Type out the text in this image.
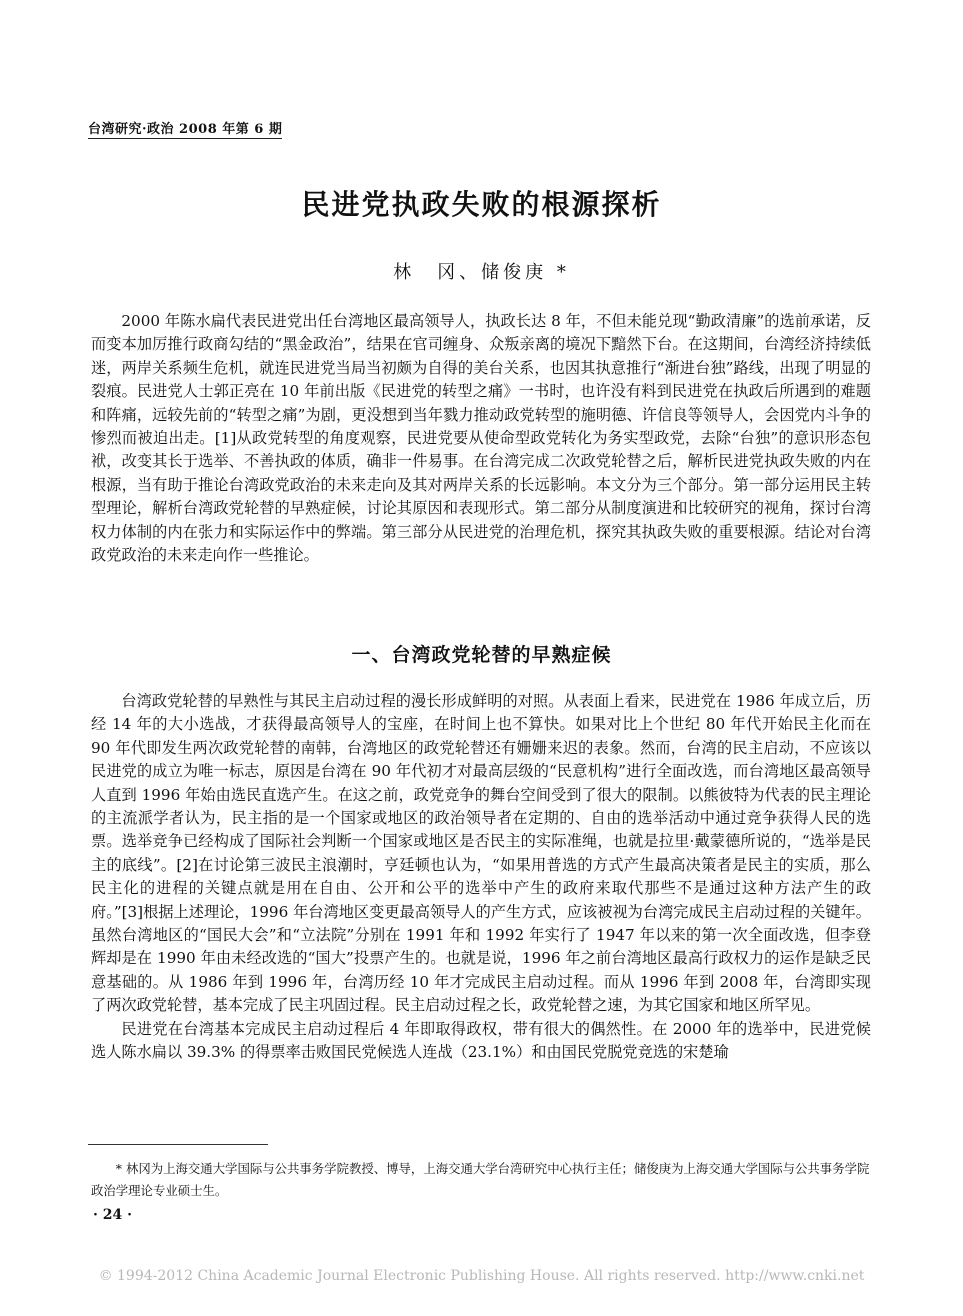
台湾研究·政治 2008 年第 6 期
民进党执政失败的根源探析
林　冈、储俊庚 *
2000 年陈水扁代表民进党出任台湾地区最高领导人，执政长达 8 年，不但未能兑现“勤政清廉”的选前承诺，反而变本加厉推行政商勾结的“黑金政治”，结果在官司缠身、众叛亲离的境况下黯然下台。在这期间，台湾经济持续低迷，两岸关系频生危机，就连民进党当局当初颇为自得的美台关系，也因其执意推行“渐进台独”路线，出现了明显的裂痕。民进党人士郭正亮在 10 年前出版《民进党的转型之痛》一书时，也许没有料到民进党在执政后所遇到的难题和阵痛，远较先前的“转型之痛”为剧，更没想到当年戮力推动政党转型的施明德、许信良等领导人，会因党内斗争的惨烈而被迫出走。[1]从政党转型的角度观察，民进党要从使命型政党转化为务实型政党，去除“台独”的意识形态包袱，改变其长于选举、不善执政的体质，确非一件易事。在台湾完成二次政党轮替之后，解析民进党执政失败的内在根源，当有助于推论台湾政党政治的未来走向及其对两岸关系的长远影响。本文分为三个部分。第一部分运用民主转型理论，解析台湾政党轮替的早熟症候，讨论其原因和表现形式。第二部分从制度演进和比较研究的视角，探讨台湾权力体制的内在张力和实际运作中的弊端。第三部分从民进党的治理危机，探究其执政失败的重要根源。结论对台湾政党政治的未来走向作一些推论。
一、台湾政党轮替的早熟症候

台湾政党轮替的早熟性与其民主启动过程的漫长形成鲜明的对照。从表面上看来，民进党在 1986 年成立后，历经 14 年的大小选战，才获得最高领导人的宝座，在时间上也不算快。如果对比上个世纪 80 年代开始民主化而在 90 年代即发生两次政党轮替的南韩，台湾地区的政党轮替还有姗姗来迟的表象。然而，台湾的民主启动，不应该以民进党的成立为唯一标志，原因是台湾在 90 年代初才对最高层级的“民意机构”进行全面改选，而台湾地区最高领导人直到 1996 年始由选民直选产生。在这之前，政党竞争的舞台空间受到了很大的限制。以熊彼特为代表的民主理论的主流派学者认为，民主指的是一个国家或地区的政治领导者在定期的、自由的选举活动中通过竞争获得人民的选票。选举竞争已经构成了国际社会判断一个国家或地区是否民主的实际准绳，也就是拉里·戴蒙德所说的，“选举是民主的底线”。[2]在讨论第三波民主浪潮时，亨廷顿也认为，“如果用普选的方式产生最高决策者是民主的实质，那么民主化的进程的关键点就是用在自由、公开和公平的选举中产生的政府来取代那些不是通过这种方法产生的政府。”[3]根据上述理论，1996 年台湾地区变更最高领导人的产生方式，应该被视为台湾完成民主启动过程的关键年。虽然台湾地区的“国民大会”和“立法院”分别在 1991 年和 1992 年实行了 1947 年以来的第一次全面改选，但李登辉却是在 1990 年由未经改选的“国大”投票产生的。也就是说，1996 年之前台湾地区最高行政权力的运作是缺乏民意基础的。从 1986 年到 1996 年，台湾历经 10 年才完成民主启动过程。而从 1996 年到 2008 年，台湾即实现了两次政党轮替，基本完成了民主巩固过程。民主启动过程之长，政党轮替之速，为其它国家和地区所罕见。

民进党在台湾基本完成民主启动过程后 4 年即取得政权，带有很大的偶然性。在 2000 年的选举中，民进党候选人陈水扁以 39.3% 的得票率击败国民党候选人连战（23.1%）和由国民党脱党竞选的宋楚瑜

* 林冈为上海交通大学国际与公共事务学院教授、博导，上海交通大学台湾研究中心执行主任；储俊庚为上海交通大学国际与公共事务学院政治学理论专业硕士生。
· 24 ·
© 1994-2012 China Academic Journal Electronic Publishing House. All rights reserved. http://www.cnki.net
